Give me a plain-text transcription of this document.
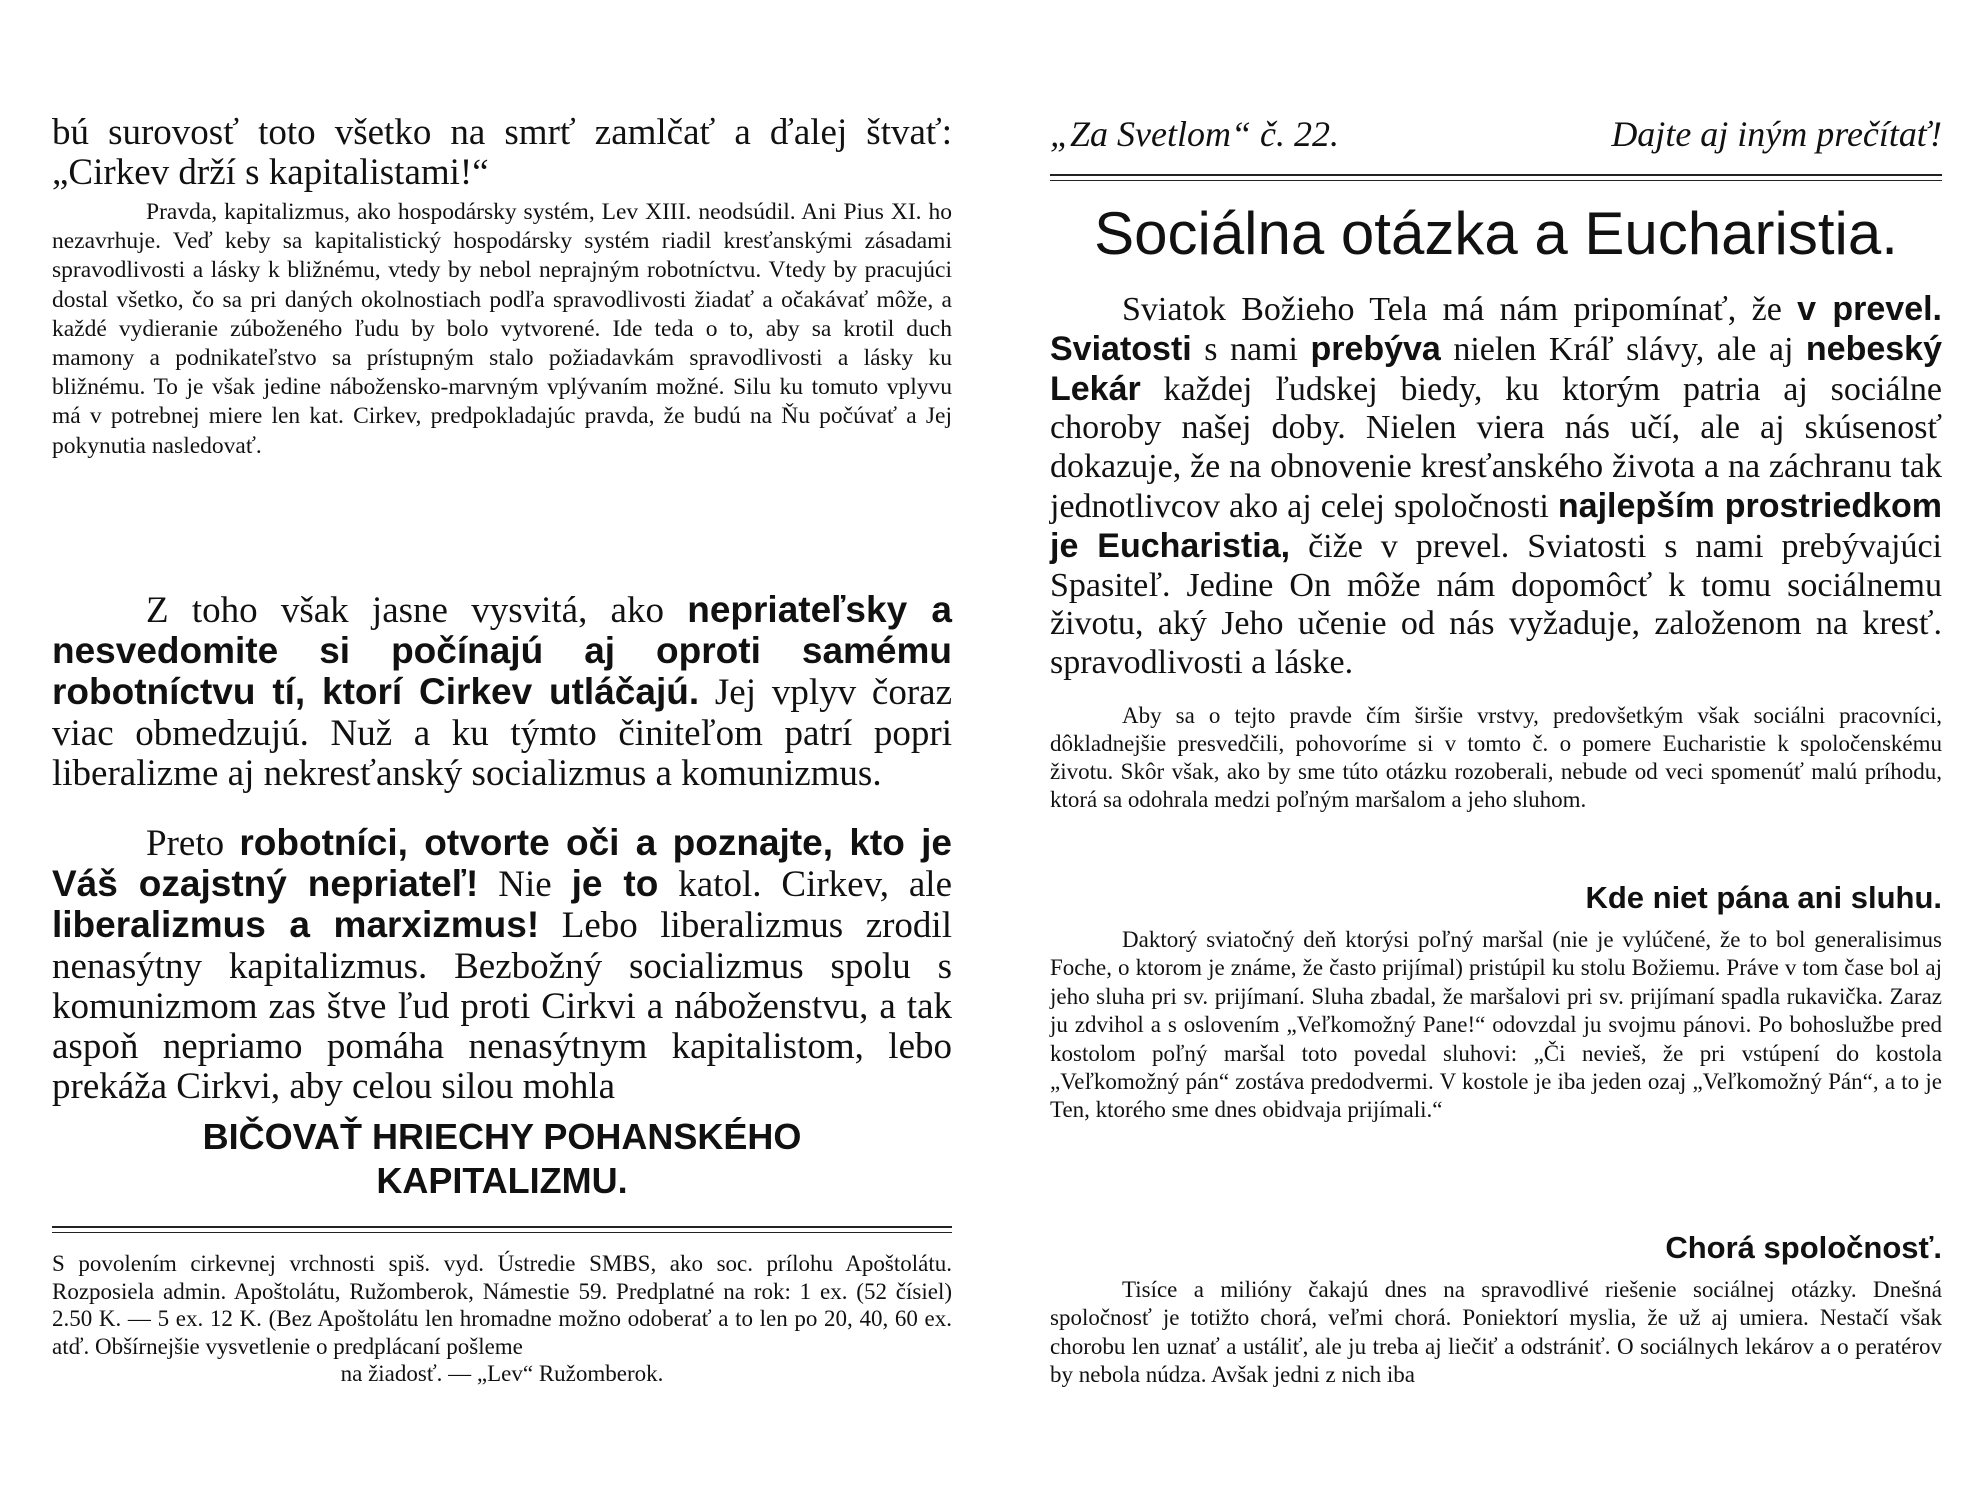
bú surovosť toto všetko na smrť zamlčať a ďalej štvať: „Cirkev drží s kapitalistami!“

Pravda, kapitalizmus, ako hospodársky systém, Lev XIII. neodsúdil. Ani Pius XI. ho nezavrhuje. Veď keby sa kapitalistický hospodársky systém riadil kresťanskými zásadami spravodlivosti a lásky k bližnému, vtedy by nebol neprajným robotníctvu. Vtedy by pracujúci dostal všetko, čo sa pri daných okolnostiach podľa spravodlivosti žiadať a očakávať môže, a každé vydieranie zúboženého ľudu by bolo vytvorené. Ide teda o to, aby sa krotil duch mamony a podnikateľstvo sa prístupným stalo požiadavkám spravodlivosti a lásky ku bližnému. To je však jedine nábožensko-marvným vplývaním možné. Silu ku tomuto vplyvu má v potrebnej miere len kat. Cirkev, predpokladajúc pravda, že budú na Ňu počúvať a Jej pokynutia nasledovať.

Z toho však jasne vysvitá, ako nepriateľsky a nesvedomite si počínajú aj oproti samému robotníctvu tí, ktorí Cirkev utláčajú. Jej vplyv čoraz viac obmedzujú. Nuž a ku týmto činiteľom patrí popri liberalizme aj nekresťanský socializmus a komunizmus.

Preto robotníci, otvorte oči a poznajte, kto je Váš ozajstný nepriateľ! Nie je to katol. Cirkev, ale liberalizmus a marxizmus! Lebo liberalizmus zrodil nenasýtny kapitalizmus. Bezbožný socializmus spolu s komunizmom zas štve ľud proti Cirkvi a náboženstvu, a tak aspoň nepriamo pomáha nenasýtnym kapitalistom, lebo prekáža Cirkvi, aby celou silou mohla

BIČOVAŤ HRIECHY POHANSKÉHO
KAPITALIZMU.

S povolením cirkevnej vrchnosti spiš. vyd. Ústredie SMBS, ako soc. prílohu Apoštolátu. Rozposiela admin. Apoštolátu, Ružomberok, Námestie 59. Predplatné na rok: 1 ex. (52 čísiel) 2.50 K. — 5 ex. 12 K. (Bez Apoštolátu len hromadne možno odoberať a to len po 20, 40, 60 ex. atď. Obšírnejšie vysvetlenie o predplácaní pošleme
na žiadosť. — „Lev“ Ružomberok.

„Za Svetlom“ č. 22.	Dajte aj iným prečítať!
Sociálna otázka a Eucharistia.

Sviatok Božieho Tela má nám pripomínať, že v prevel. Sviatosti s nami prebýva nielen Kráľ slávy, ale aj nebeský Lekár každej ľudskej biedy, ku ktorým patria aj sociálne choroby našej doby. Nielen viera nás učí, ale aj skúsenosť dokazuje, že na obnovenie kresťanského života a na záchranu tak jednotlivcov ako aj celej spoločnosti najlepším prostriedkom je Eucharistia, čiže v prevel. Sviatosti s nami prebývajúci Spasiteľ. Jedine On môže nám dopomôcť k tomu sociálnemu životu, aký Jeho učenie od nás vyžaduje, založenom na kresť. spravodlivosti a láske.

Aby sa o tejto pravde čím širšie vrstvy, predovšetkým však sociálni pracovníci, dôkladnejšie presvedčili, pohovoríme si v tomto č. o pomere Eucharistie k spoločenskému životu. Skôr však, ako by sme túto otázku rozoberali, nebude od veci spomenúť malú príhodu, ktorá sa odohrala medzi poľným maršalom a jeho sluhom.

Kde niet pána ani sluhu.

Daktorý sviatočný deň ktorýsi poľný maršal (nie je vylúčené, že to bol generalisimus Foche, o ktorom je známe, že často prijímal) pristúpil ku stolu Božiemu. Práve v tom čase bol aj jeho sluha pri sv. prijímaní. Sluha zbadal, že maršalovi pri sv. prijímaní spadla rukavička. Zaraz ju zdvihol a s oslovením „Veľkomožný Pane!“ odovzdal ju svojmu pánovi. Po bohoslužbe pred kostolom poľný maršal toto povedal sluhovi: „Či nevieš, že pri vstúpení do kostola „Veľkomožný pán“ zostáva predodvermi. V kostole je iba jeden ozaj „Veľkomožný Pán“, a to je Ten, ktorého sme dnes obidvaja prijímali.“

Chorá spoločnosť.

Tisíce a milióny čakajú dnes na spravodlivé riešenie sociálnej otázky. Dnešná spoločnosť je totižto chorá, veľmi chorá. Poniektorí myslia, že už aj umiera. Nestačí však chorobu len uznať a ustáliť, ale ju treba aj liečiť a odstrániť. O sociálnych lekárov a o peratérov by nebola núdza. Avšak jedni z nich iba
